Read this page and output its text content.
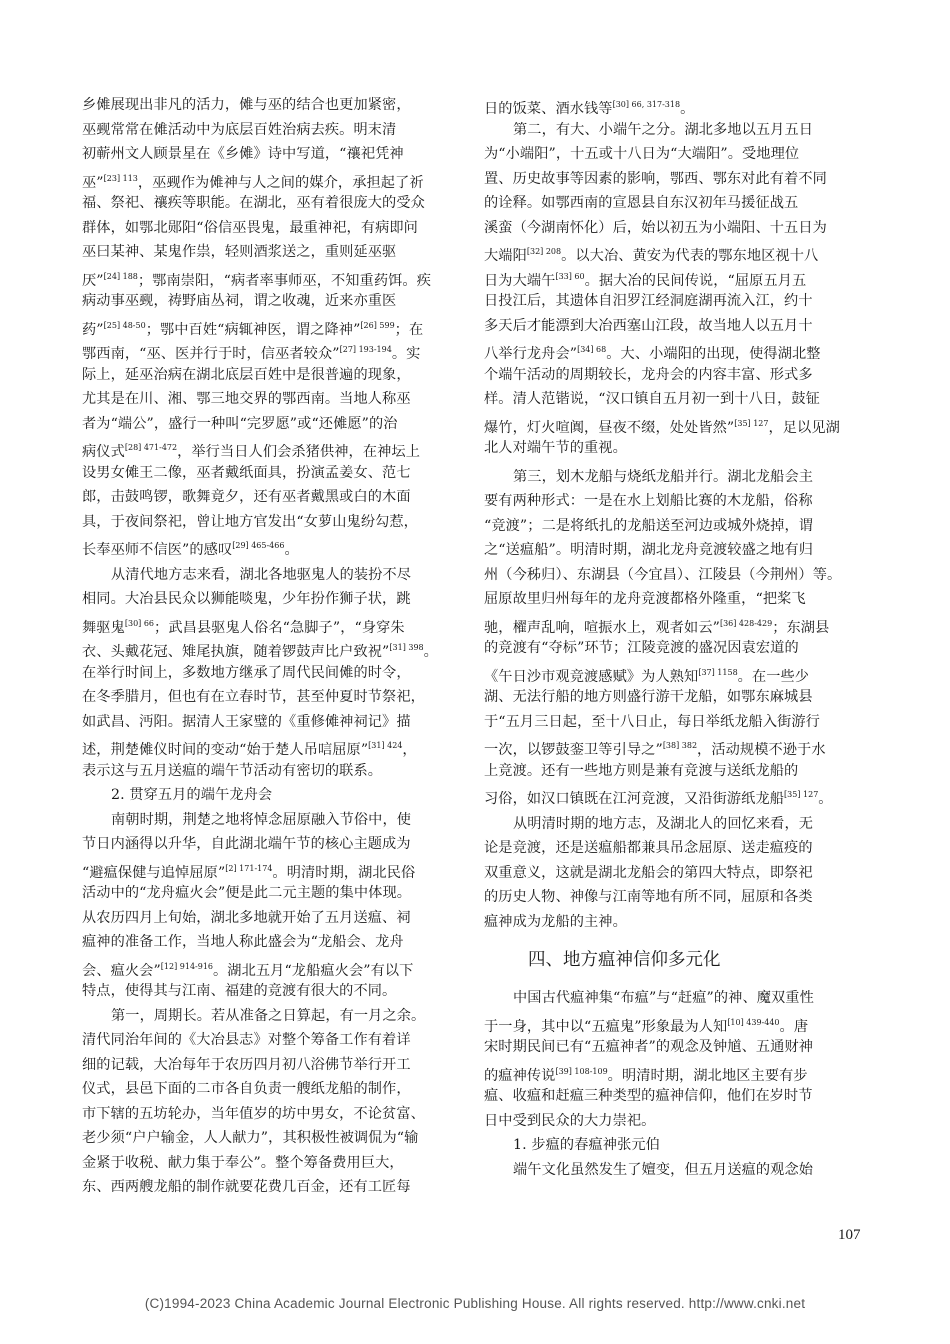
乡傩展现出非凡的活力，傩与巫的结合也更加紧密，
巫觋常常在傩活动中为底层百姓治病去疾。明末清
初蕲州文人顾景星在《乡傩》诗中写道，“禳祀凭神
巫”$^{[23] 113}$，巫觋作为傩神与人之间的媒介，承担起了祈
福、祭祀、禳疾等职能。在湖北，巫有着很庞大的受众
群体，如鄂北郧阳“俗信巫畏鬼，最重神祀，有病即问
巫曰某神、某鬼作祟，轻则酒浆送之，重则延巫驱
厌”$^{[24] 188}$；鄂南崇阳，“病者率事师巫，不知重药饵。疾
病动事巫觋，祷野庙丛祠，谓之收魂，近来亦重医
药”$^{[25] 48-50}$；鄂中百姓“病辄神医，谓之降神”$^{[26] 599}$；在
鄂西南，“巫、医并行于时，信巫者较众”$^{[27] 193-194}$。实
际上，延巫治病在湖北底层百姓中是很普遍的现象，
尤其是在川、湘、鄂三地交界的鄂西南。当地人称巫
者为“端公”，盛行一种叫“完罗愿”或“还傩愿”的治
病仪式$^{[28] 471-472}$，举行当日人们会杀猪供神，在神坛上
设男女傩王二像，巫者戴纸面具，扮演孟姜女、范七
郎，击鼓鸣锣，歌舞竟夕，还有巫者戴黑或白的木面
具，于夜间祭祀，曾让地方官发出“女萝山鬼纷勾惹，
长奉巫师不信医”的感叹$^{[29] 465-466}$。
从清代地方志来看，湖北各地驱鬼人的装扮不尽
相同。大冶县民众以狮能啖鬼，少年扮作狮子状，跳
舞驱鬼$^{[30] 66}$；武昌县驱鬼人俗名“急脚子”，“身穿朱
衣、头戴花冠、雉尾执旗，随着锣鼓声比户致祝”$^{[31] 398}$。
在举行时间上，多数地方继承了周代民间傩的时令，
在冬季腊月，但也有在立春时节，甚至仲夏时节祭祀，
如武昌、沔阳。据清人王家璧的《重修傩神祠记》描
述，荆楚傩仪时间的变动“始于楚人吊唁屈原”$^{[31] 424}$，
表示这与五月送瘟的端午节活动有密切的联系。
2. 贯穿五月的端午龙舟会
南朝时期，荆楚之地将悼念屈原融入节俗中，使
节日内涵得以升华，自此湖北端午节的核心主题成为
“避瘟保健与追悼屈原”$^{[2] 171-174}$。明清时期，湖北民俗
活动中的“龙舟瘟火会”便是此二元主题的集中体现。
从农历四月上旬始，湖北多地就开始了五月送瘟、祠
瘟神的准备工作，当地人称此盛会为“龙船会、龙舟
会、瘟火会”$^{[12] 914-916}$。湖北五月“龙船瘟火会”有以下
特点，使得其与江南、福建的竞渡有很大的不同。
第一，周期长。若从准备之日算起，有一月之余。
清代同治年间的《大冶县志》对整个筹备工作有着详
细的记载，大冶每年于农历四月初八浴佛节举行开工
仪式，县邑下面的二市各自负责一艘纸龙船的制作，
市下辖的五坊轮办，当年值岁的坊中男女，不论贫富、
老少须“户户输金，人人献力”，其积极性被调侃为“输
金紧于收税、献力集于奉公”。整个筹备费用巨大，
东、西两艘龙船的制作就要花费几百金，还有工匠每
日的饭菜、酒水钱等$^{[30] 66, 317-318}$。
第二，有大、小端午之分。湖北多地以五月五日
为“小端阳”，十五或十八日为“大端阳”。受地理位
置、历史故事等因素的影响，鄂西、鄂东对此有着不同
的诠释。如鄂西南的宣恩县自东汉初年马援征战五
溪蛮（今湖南怀化）后，始以初五为小端阳、十五日为
大端阳$^{[32] 208}$。以大冶、黄安为代表的鄂东地区视十八
日为大端午$^{[33] 60}$。据大冶的民间传说，“屈原五月五
日投江后，其遗体自汨罗江经洞庭湖再流入江，约十
多天后才能漂到大冶西塞山江段，故当地人以五月十
八举行龙舟会”$^{[34] 68}$。大、小端阳的出现，使得湖北整
个端午活动的周期较长，龙舟会的内容丰富、形式多
样。清人范锴说，“汉口镇自五月初一到十八日，鼓钲
爆竹，灯火喧阗，昼夜不缀，处处皆然”$^{[35] 127}$，足以见湖
北人对端午节的重视。
第三，划木龙船与烧纸龙船并行。湖北龙船会主
要有两种形式：一是在水上划船比赛的木龙船，俗称
“竞渡”；二是将纸扎的龙船送至河边或城外烧掉，谓
之“送瘟船”。明清时期，湖北龙舟竞渡较盛之地有归
州（今秭归）、东湖县（今宜昌）、江陵县（今荆州）等。
屈原故里归州每年的龙舟竞渡都格外隆重，“把桨飞
驰，櫂声乱响，喧振水上，观者如云”$^{[36] 428-429}$；东湖县
的竞渡有“夺标”环节；江陵竞渡的盛况因袁宏道的
《午日沙市观竞渡感赋》为人熟知$^{[37] 1158}$。在一些少
湖、无法行船的地方则盛行游干龙船，如鄂东麻城县
于“五月三日起，至十八日止，每日举纸龙船入街游行
一次，以锣鼓銮卫等引导之”$^{[38] 382}$，活动规模不逊于水
上竞渡。还有一些地方则是兼有竞渡与送纸龙船的
习俗，如汉口镇既在江河竞渡，又沿街游纸龙船$^{[35] 127}$。
从明清时期的地方志，及湖北人的回忆来看，无
论是竞渡，还是送瘟船都兼具吊念屈原、送走瘟疫的
双重意义，这就是湖北龙船会的第四大特点，即祭祀
的历史人物、神像与江南等地有所不同，屈原和各类
瘟神成为龙船的主神。
四、地方瘟神信仰多元化
中国古代瘟神集“布瘟”与“赶瘟”的神、魔双重性
于一身，其中以“五瘟鬼”形象最为人知$^{[10] 439-440}$。唐
宋时期民间已有“五瘟神者”的观念及钟馗、五通财神
的瘟神传说$^{[39] 108-109}$。明清时期，湖北地区主要有步
瘟、收瘟和赶瘟三种类型的瘟神信仰，他们在岁时节
日中受到民众的大力崇祀。
1. 步瘟的春瘟神张元伯
端午文化虽然发生了嬗变，但五月送瘟的观念始
107
(C)1994-2023 China Academic Journal Electronic Publishing House. All rights reserved. http://www.cnki.net
